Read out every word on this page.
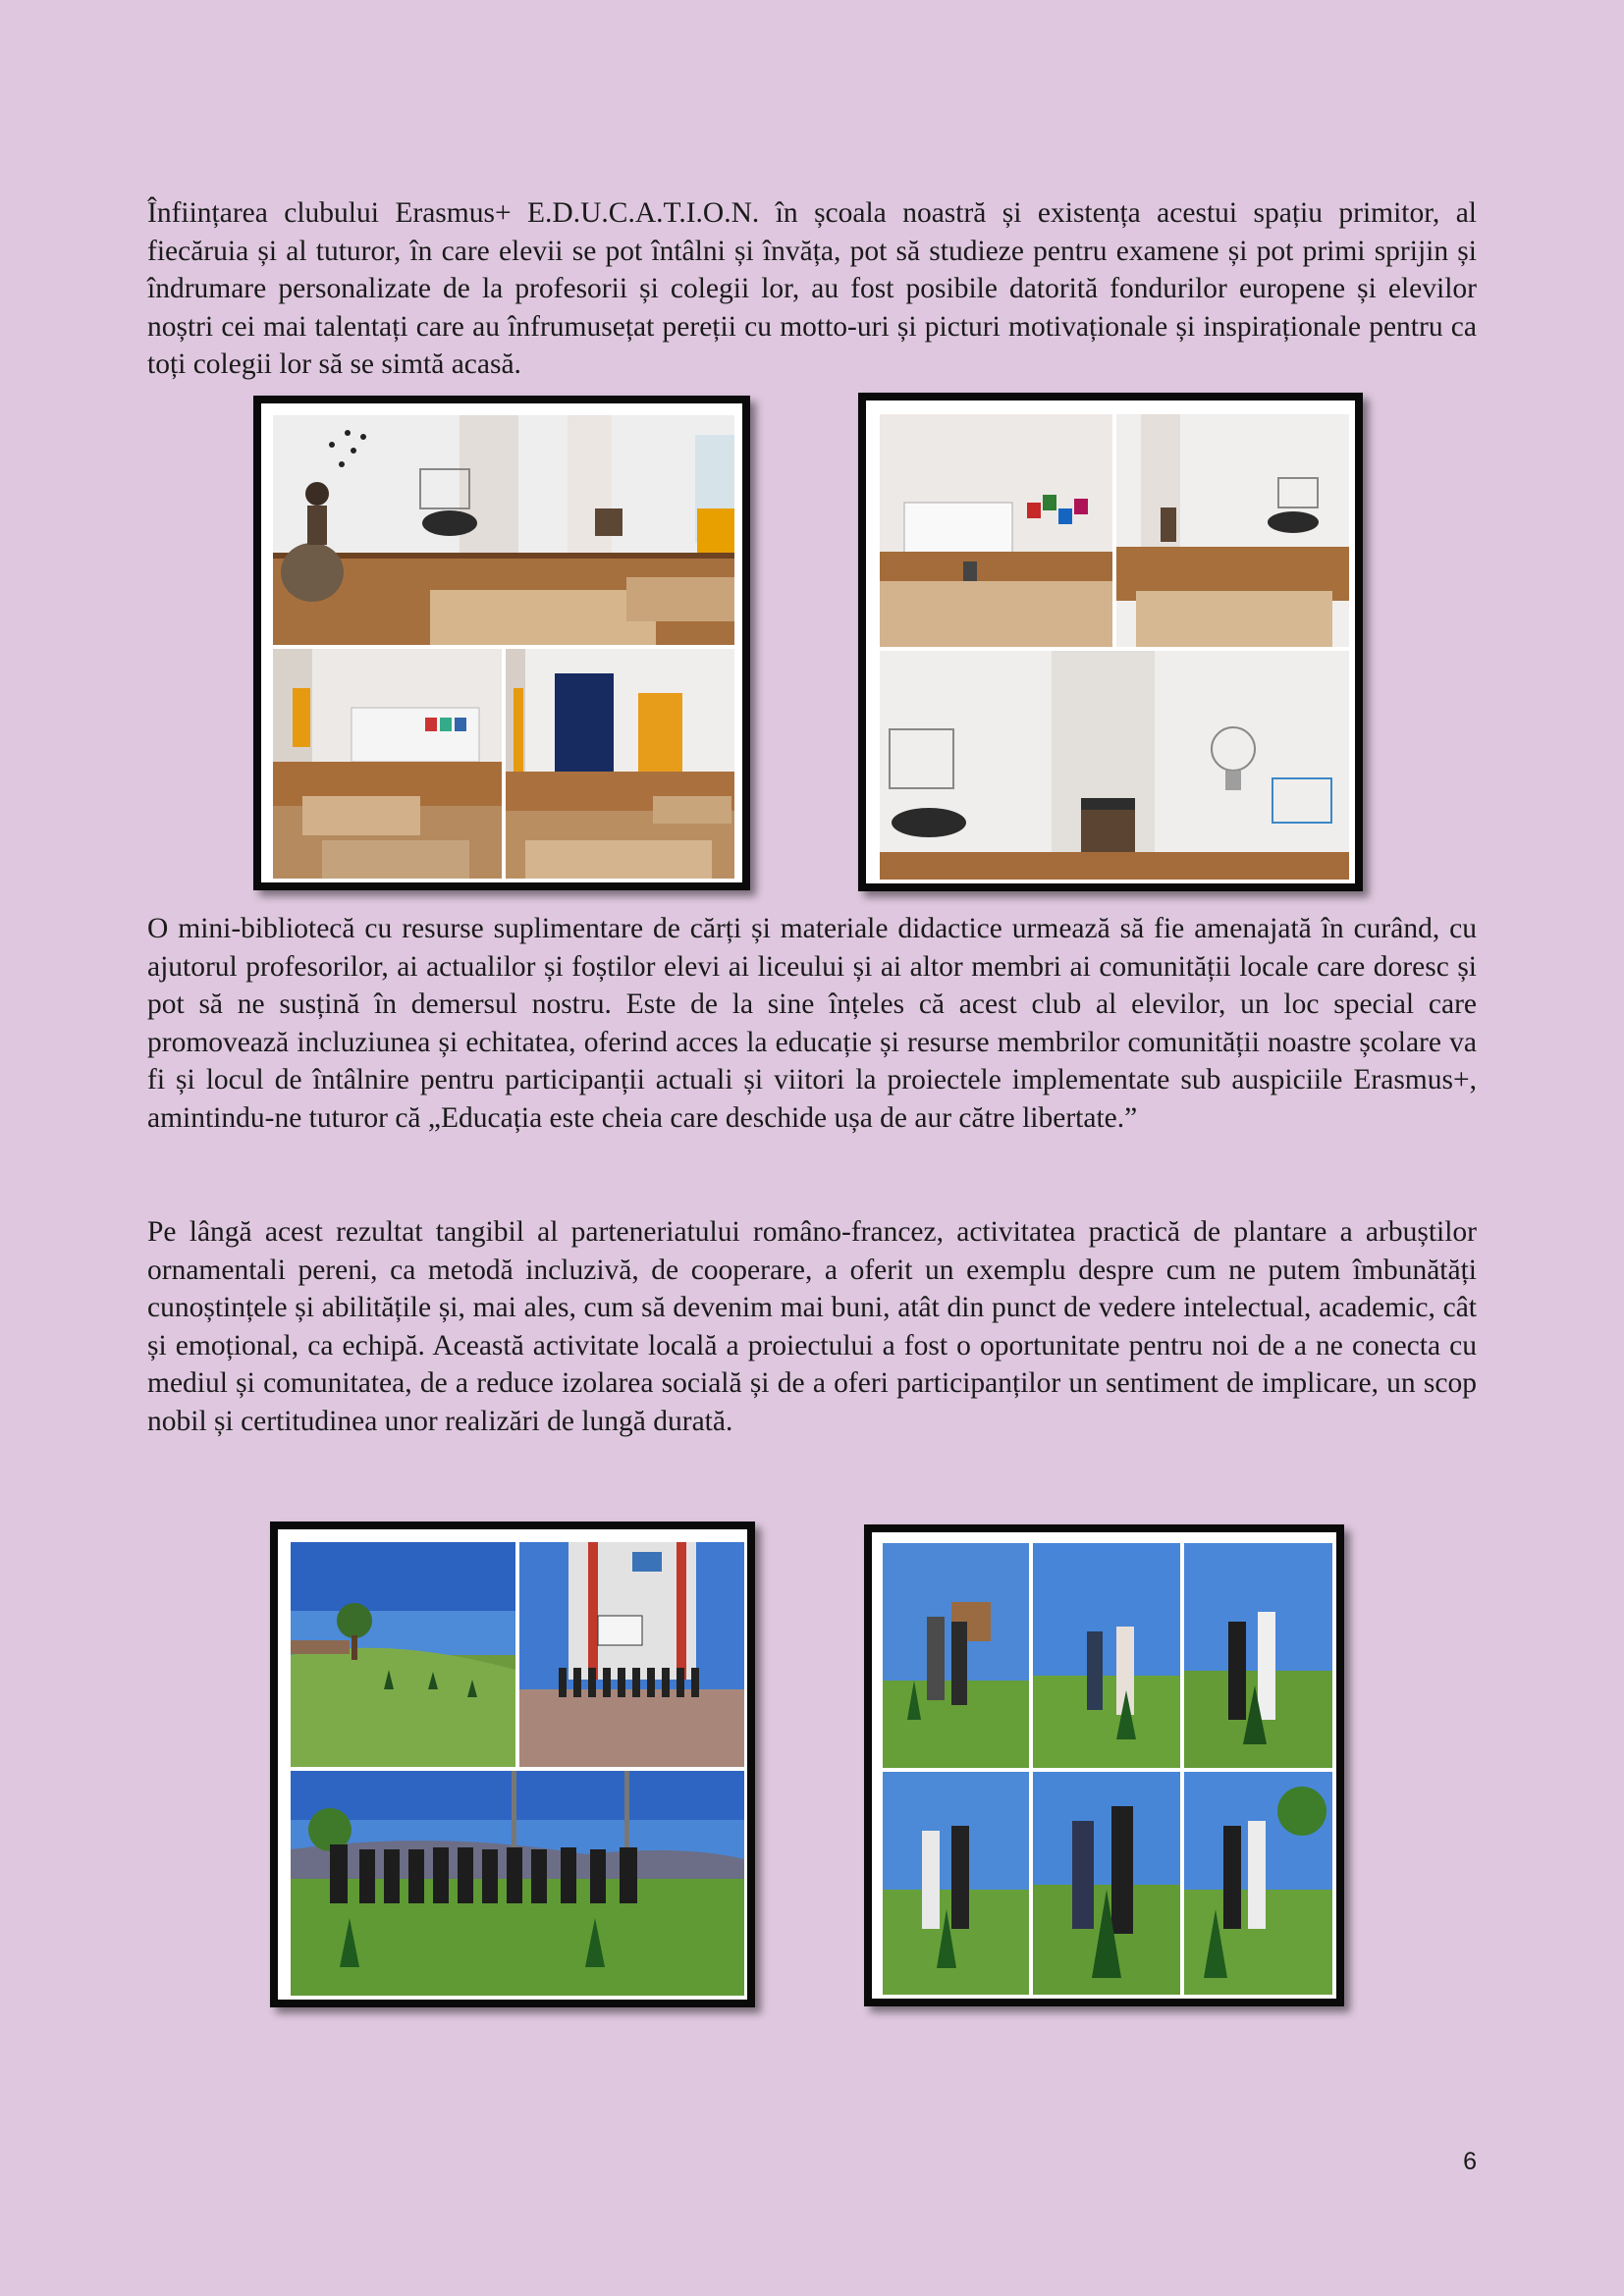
Înființarea clubului Erasmus+ E.D.U.C.A.T.I.O.N. în școala noastră și existența acestui spațiu primitor, al fiecăruia și al tuturor, în care elevii se pot întâlni și învăța, pot să studieze pentru examene și pot primi sprijin și îndrumare personalizate de la profesorii și colegii lor, au fost posibile datorită fondurilor europene și elevilor noștri cei mai talentați care au înfrumusețat pereții cu motto-uri și picturi motivaționale și inspiraționale pentru ca toți colegii lor să se simtă acasă.

O mini-bibliotecă cu resurse suplimentare de cărți și materiale didactice urmează să fie amenajată în curând, cu ajutorul profesorilor, ai actualilor și foștilor elevi ai liceului și ai altor membri ai comunității locale care doresc și pot să ne susțină în demersul nostru. Este de la sine înțeles că acest club al elevilor, un loc special care promovează incluziunea și echitatea, oferind acces la educație și resurse membrilor comunității noastre școlare va fi și locul de întâlnire pentru participanții actuali și viitori la proiectele implementate sub auspiciile Erasmus+, amintindu-ne tuturor că „Educația este cheia care deschide ușa de aur către libertate.”

Pe lângă acest rezultat tangibil al parteneriatului româno-francez, activitatea practică de plantare a arbuștilor ornamentali pereni, ca metodă incluzivă, de cooperare, a oferit un exemplu despre cum ne putem îmbunătăți cunoștințele și abilitățile și, mai ales, cum să devenim mai buni, atât din punct de vedere intelectual, academic, cât și emoțional, ca echipă. Această activitate locală a proiectului a fost o oportunitate pentru noi de a ne conecta cu mediul și comunitatea, de a reduce izolarea socială și de a oferi participanților un sentiment de implicare, un scop nobil și certitudinea unor realizări de lungă durată.

6
